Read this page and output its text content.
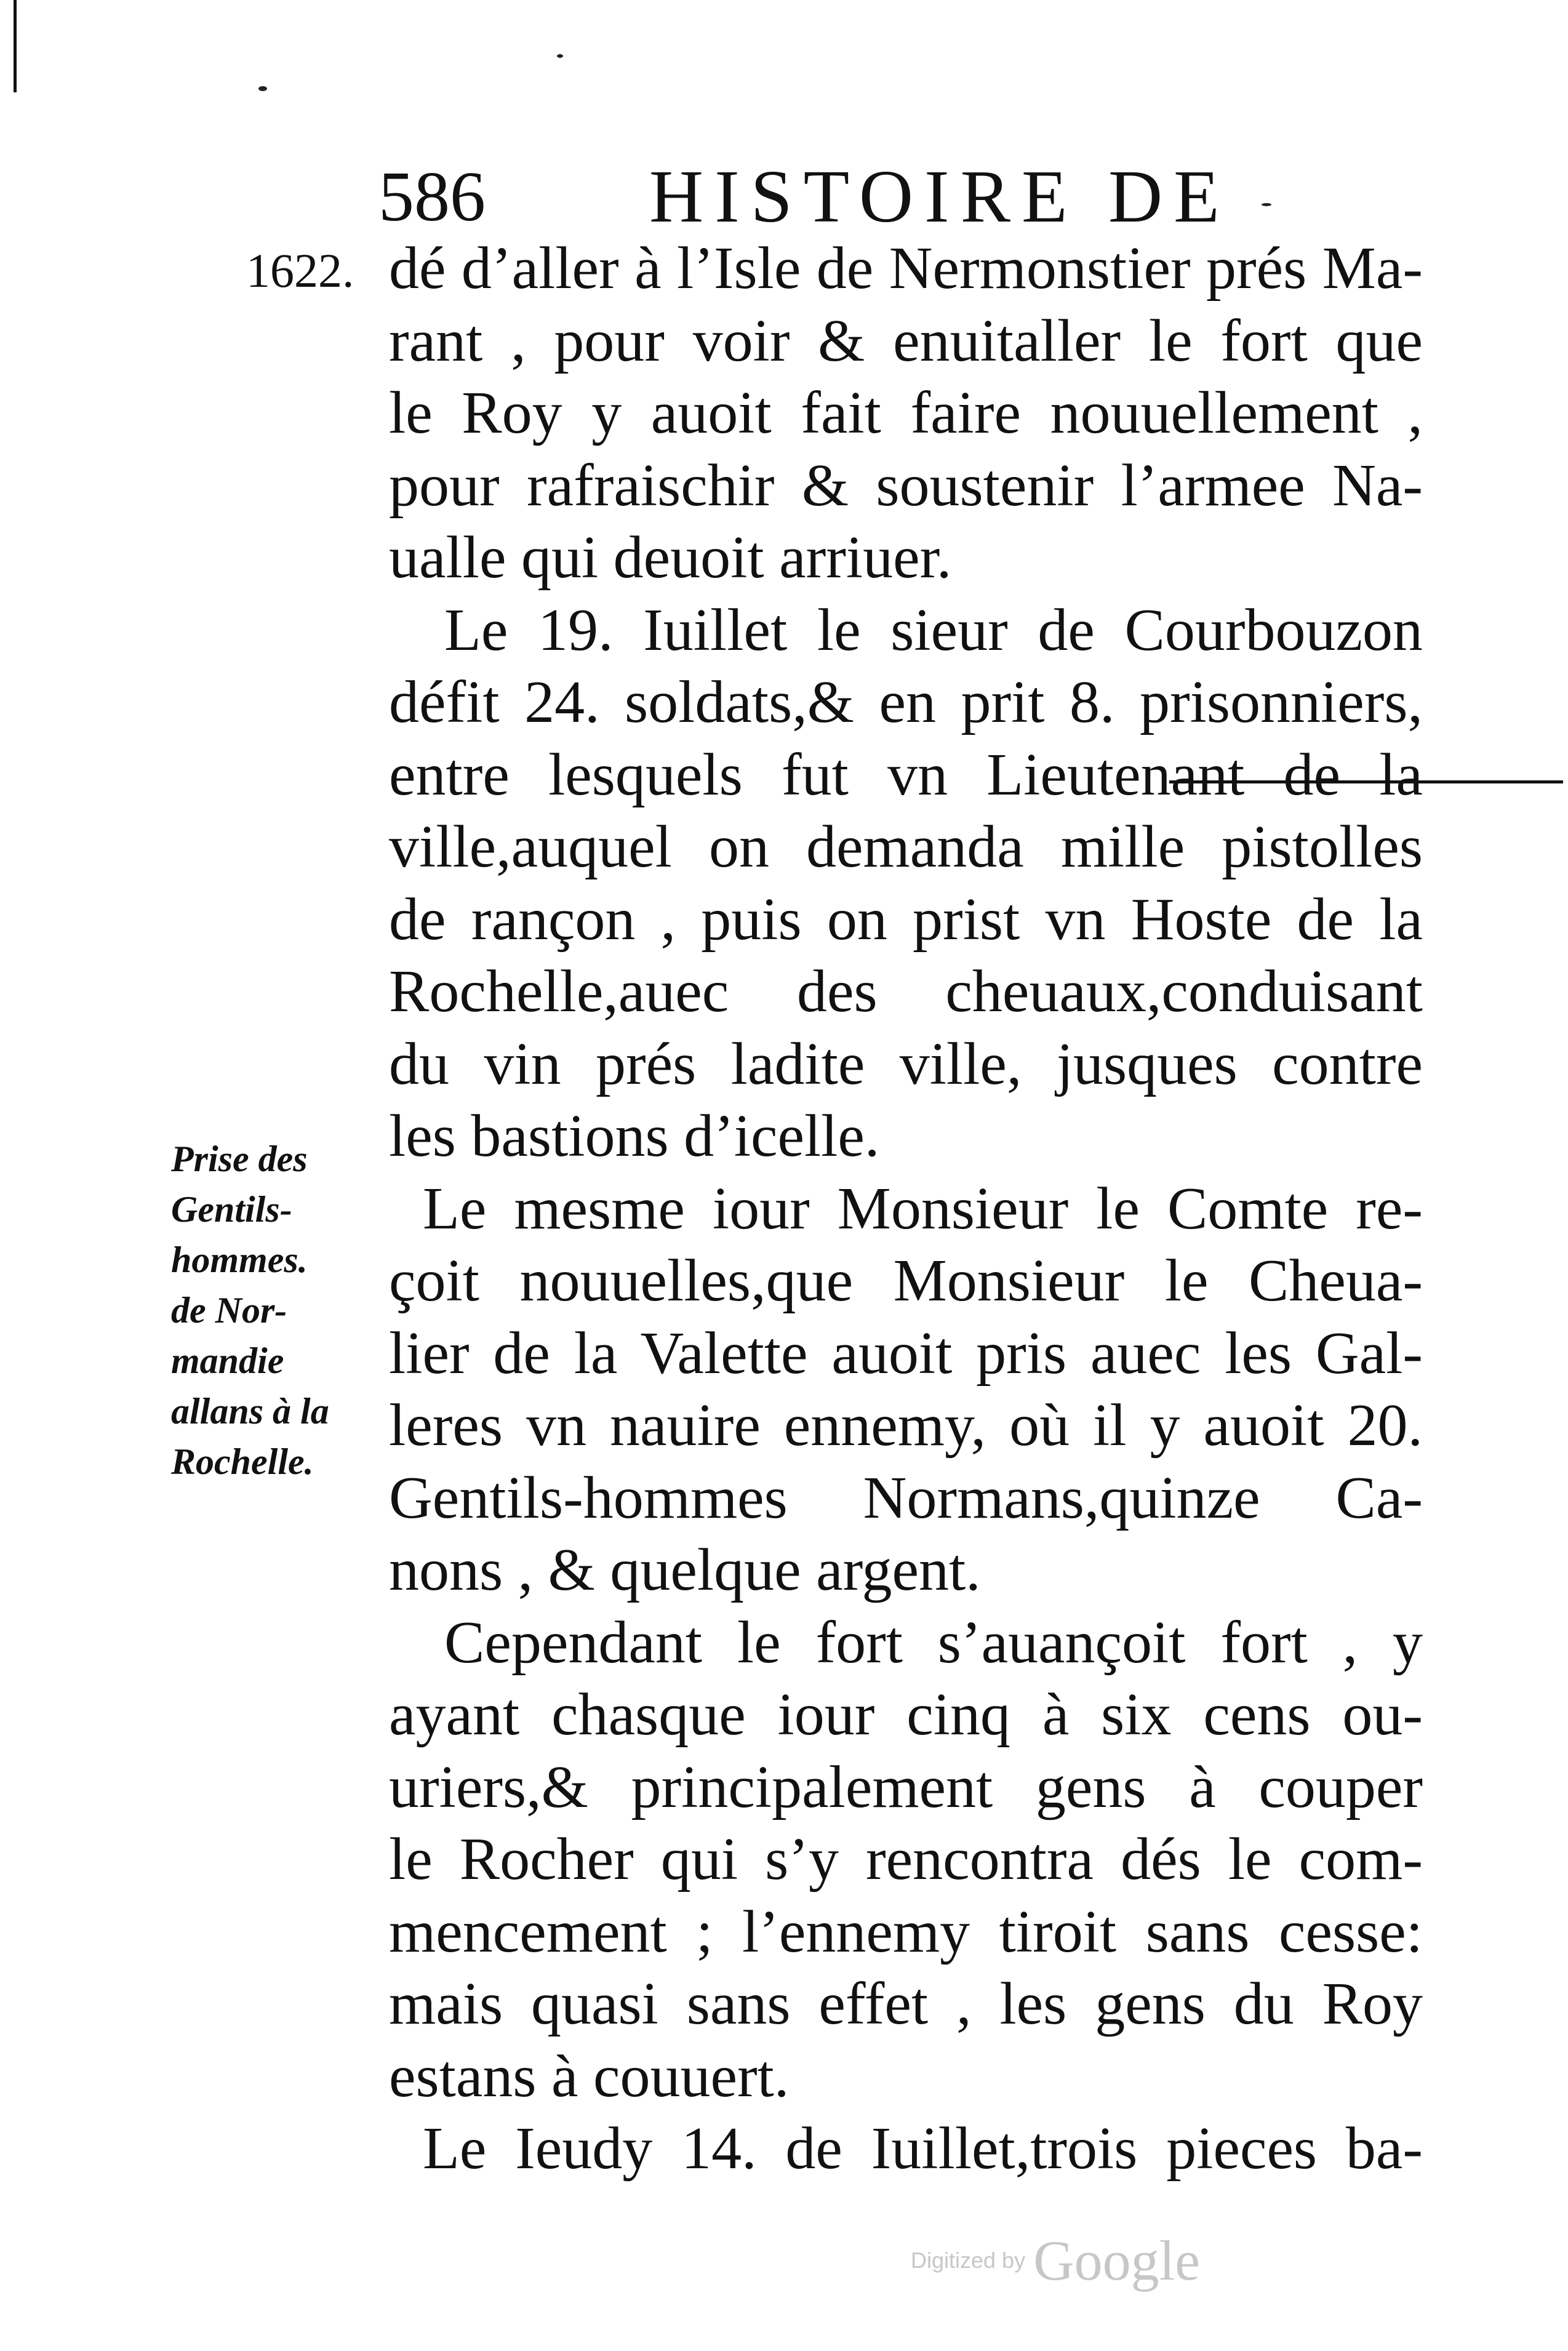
586 HISTOIRE DE
1622. dé d’aller à l’Isle de Nermonstier prés Ma-
rant , pour voir & enuitaller le fort que
le Roy y auoit fait faire nouuellement ,
pour rafraischir & soustenir l’armee Na-
ualle qui deuoit arriuer.
Le 19. Iuillet le sieur de Courbouzon
défit 24. soldats,& en prit 8. prisonniers,
entre lesquels fut vn Lieutenant de la
ville,auquel on demanda mille pistolles
de rançon , puis on prist vn Hoste de la
Rochelle,auec des cheuaux,conduisant
du vin prés ladite ville, jusques contre
les bastions d’icelle.
Le mesme iour Monsieur le Comte re-
çoit nouuelles,que Monsieur le Cheua-
lier de la Valette auoit pris auec les Gal-
leres vn nauire ennemy, où il y auoit 20.
Gentils-hommes Normans,quinze Ca-
nons , & quelque argent.
Cependant le fort s’auançoit fort , y
ayant chasque iour cinq à six cens ou-
uriers,& principalement gens à couper
le Rocher qui s’y rencontra dés le com-
mencement ; l’ennemy tiroit sans cesse:
mais quasi sans effet , les gens du Roy
estans à couuert.
Le Ieudy 14. de Iuillet,trois pieces ba-
Prise des
Gentils-
hommes.
de Nor-
mandie
allans à la
Rochelle.
Digitized by Google
